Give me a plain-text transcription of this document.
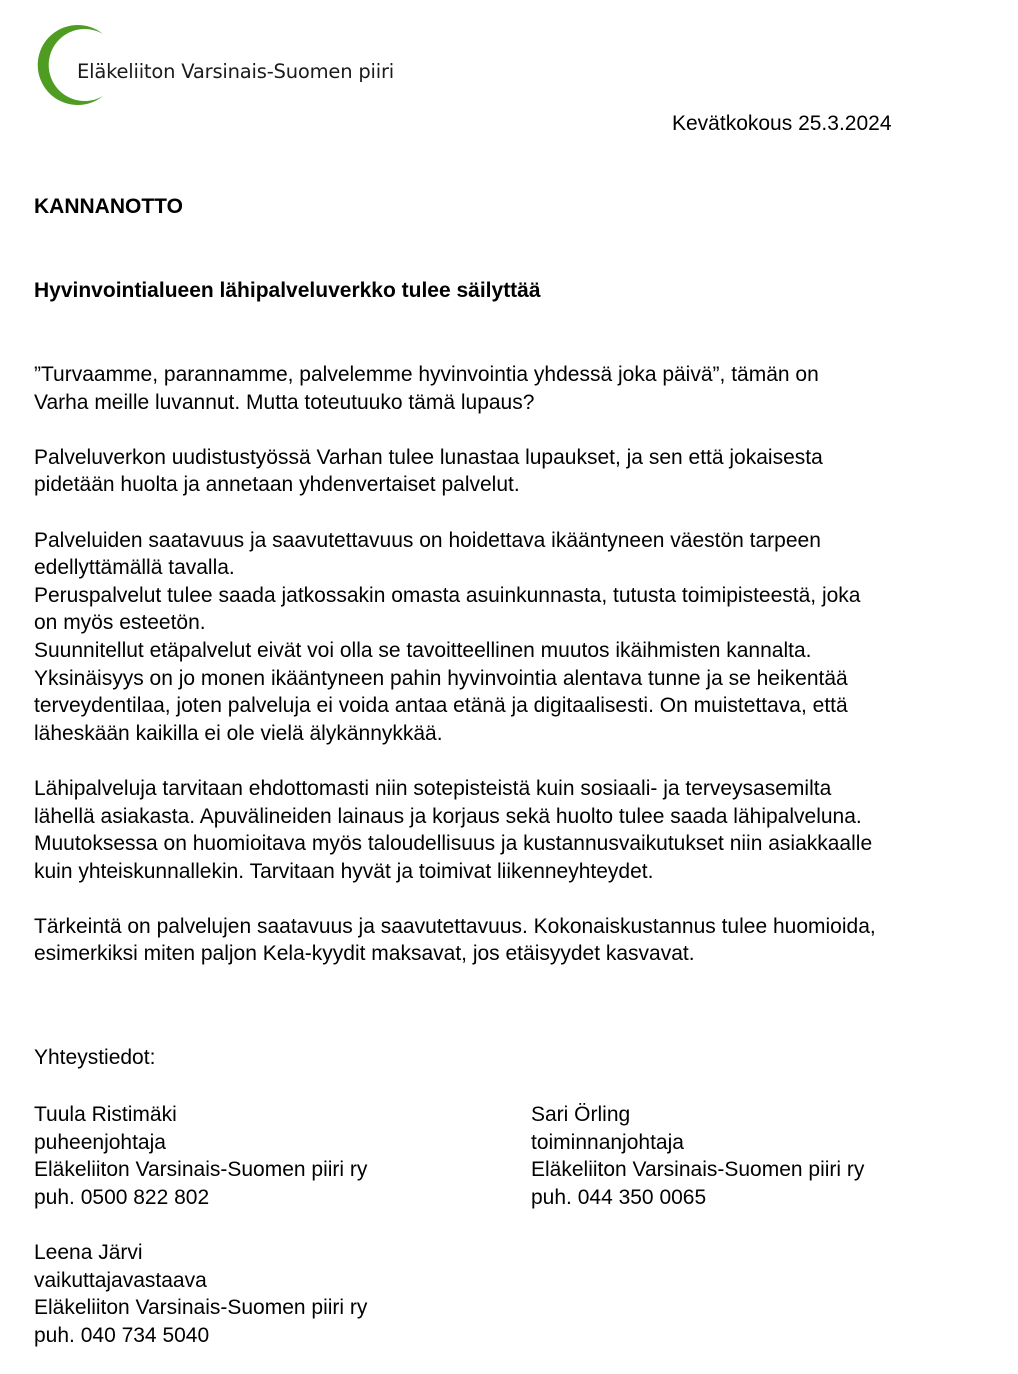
Eläkeliiton Varsinais-Suomen piiri
Kevätkokous 25.3.2024
KANNANOTTO
Hyvinvointialueen lähipalveluverkko tulee säilyttää

”Turvaamme, parannamme, palvelemme hyvinvointia yhdessä joka päivä”, tämän on
Varha meille luvannut. Mutta toteutuuko tämä lupaus?

Palveluverkon uudistustyössä Varhan tulee lunastaa lupaukset, ja sen että jokaisesta
pidetään huolta ja annetaan yhdenvertaiset palvelut.

Palveluiden saatavuus ja saavutettavuus on hoidettava ikääntyneen väestön tarpeen
edellyttämällä tavalla.
Peruspalvelut tulee saada jatkossakin omasta asuinkunnasta, tutusta toimipisteestä, joka
on myös esteetön.
Suunnitellut etäpalvelut eivät voi olla se tavoitteellinen muutos ikäihmisten kannalta.
Yksinäisyys on jo monen ikääntyneen pahin hyvinvointia alentava tunne ja se heikentää
terveydentilaa, joten palveluja ei voida antaa etänä ja digitaalisesti. On muistettava, että
läheskään kaikilla ei ole vielä älykännykkää.

Lähipalveluja tarvitaan ehdottomasti niin sotepisteistä kuin sosiaali- ja terveysasemilta
lähellä asiakasta. Apuvälineiden lainaus ja korjaus sekä huolto tulee saada lähipalveluna.
Muutoksessa on huomioitava myös taloudellisuus ja kustannusvaikutukset niin asiakkaalle
kuin yhteiskunnallekin. Tarvitaan hyvät ja toimivat liikenneyhteydet.

Tärkeintä on palvelujen saatavuus ja saavutettavuus. Kokonaiskustannus tulee huomioida,
esimerkiksi miten paljon Kela-kyydit maksavat, jos etäisyydet kasvavat.

Yhteystiedot:
Tuula Ristimäki
puheenjohtaja
Eläkeliiton Varsinais-Suomen piiri ry
puh. 0500 822 802
Sari Örling
toiminnanjohtaja
Eläkeliiton Varsinais-Suomen piiri ry
puh. 044 350 0065
Leena Järvi
vaikuttajavastaava
Eläkeliiton Varsinais-Suomen piiri ry
puh. 040 734 5040
